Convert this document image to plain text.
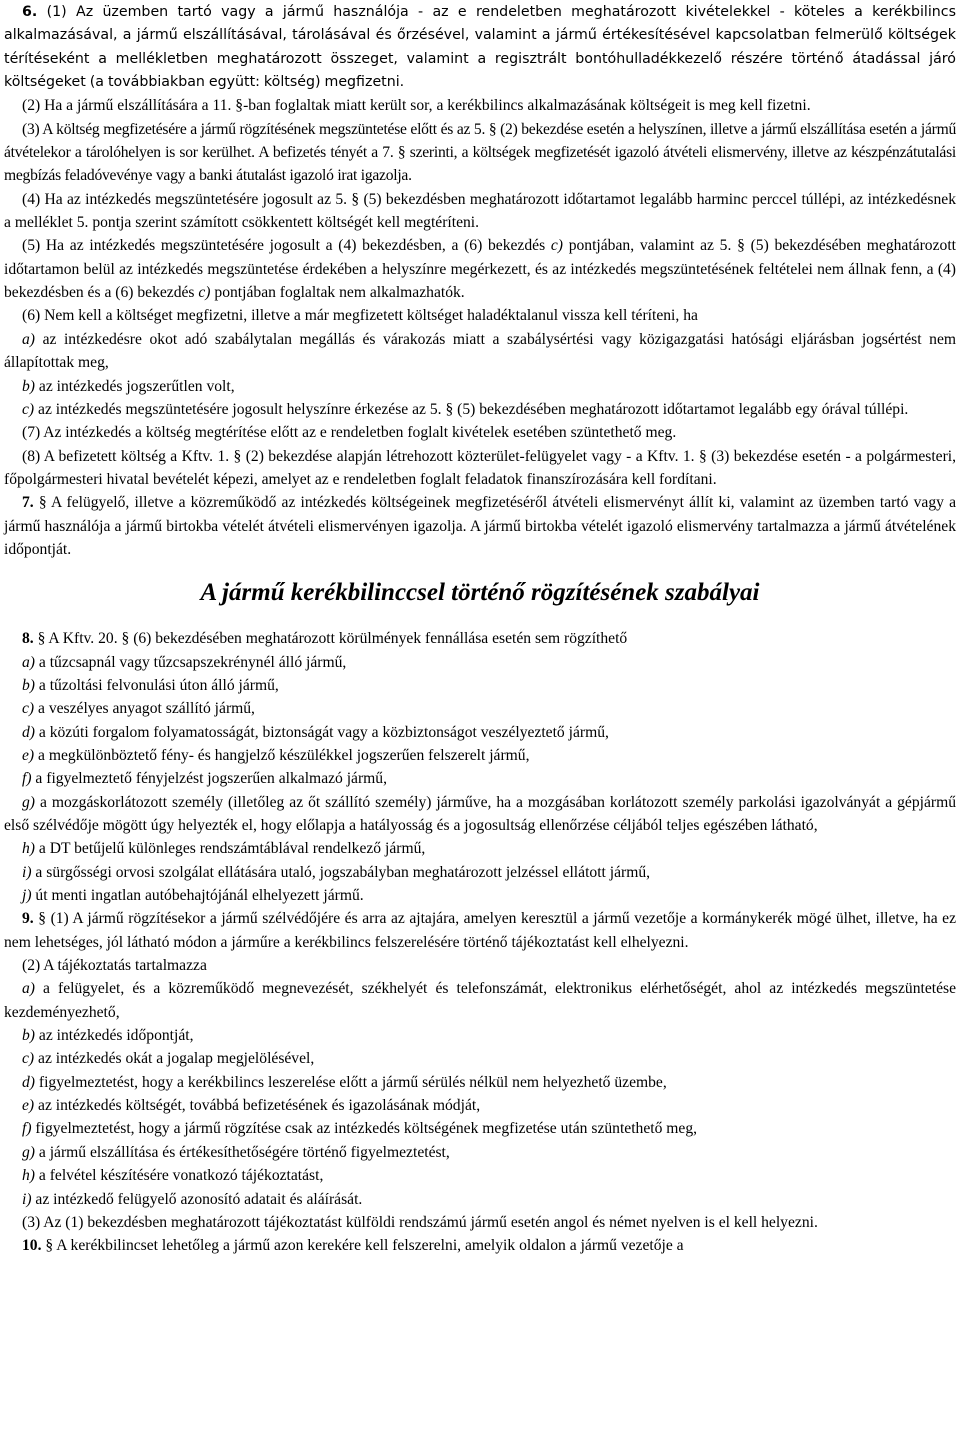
6. (1) Az üzemben tartó vagy a jármű használója - az e rendeletben meghatározott kivételekkel - köteles a kerékbilincs alkalmazásával, a jármű elszállításával, tárolásával és őrzésével, valamint a jármű értékesítésével kapcsolatban felmerülő költségek térítéseként a mellékletben meghatározott összeget, valamint a regisztrált bontóhulladékkezelő részére történő átadással járó költségeket (a továbbiakban együtt: költség) megfizetni.

(2) Ha a jármű elszállítására a 11. §-ban foglaltak miatt került sor, a kerékbilincs alkalmazásának költségeit is meg kell fizetni.

(3) A költség megfizetésére a jármű rögzítésének megszüntetése előtt és az 5. § (2) bekezdése esetén a helyszínen, illetve a jármű elszállítása esetén a jármű átvételekor a tárolóhelyen is sor kerülhet. A befizetés tényét a 7. § szerinti, a költségek megfizetését igazoló átvételi elismervény, illetve az készpénzátutalási megbízás feladóvevénye vagy a banki átutalást igazoló irat igazolja.

(4) Ha az intézkedés megszüntetésére jogosult az 5. § (5) bekezdésben meghatározott időtartamot legalább harminc perccel túllépi, az intézkedésnek a melléklet 5. pontja szerint számított csökkentett költségét kell megtéríteni.

(5) Ha az intézkedés megszüntetésére jogosult a (4) bekezdésben, a (6) bekezdés c) pontjában, valamint az 5. § (5) bekezdésében meghatározott időtartamon belül az intézkedés megszüntetése érdekében a helyszínre megérkezett, és az intézkedés megszüntetésének feltételei nem állnak fenn, a (4) bekezdésben és a (6) bekezdés c) pontjában foglaltak nem alkalmazhatók.

(6) Nem kell a költséget megfizetni, illetve a már megfizetett költséget haladéktalanul vissza kell téríteni, ha

a) az intézkedésre okot adó szabálytalan megállás és várakozás miatt a szabálysértési vagy közigazgatási hatósági eljárásban jogsértést nem állapítottak meg,

b) az intézkedés jogszerűtlen volt,

c) az intézkedés megszüntetésére jogosult helyszínre érkezése az 5. § (5) bekezdésében meghatározott időtartamot legalább egy órával túllépi.

(7) Az intézkedés a költség megtérítése előtt az e rendeletben foglalt kivételek esetében szüntethető meg.

(8) A befizetett költség a Kftv. 1. § (2) bekezdése alapján létrehozott közterület-felügyelet vagy - a Kftv. 1. § (3) bekezdése esetén - a polgármesteri, főpolgármesteri hivatal bevételét képezi, amelyet az e rendeletben foglalt feladatok finanszírozására kell fordítani.

7. § A felügyelő, illetve a közreműködő az intézkedés költségeinek megfizetéséről átvételi elismervényt állít ki, valamint az üzemben tartó vagy a jármű használója a jármű birtokba vételét átvételi elismervényen igazolja. A jármű birtokba vételét igazoló elismervény tartalmazza a jármű átvételének időpontját.

A jármű kerékbilinccsel történő rögzítésének szabályai

8. § A Kftv. 20. § (6) bekezdésében meghatározott körülmények fennállása esetén sem rögzíthető

a) a tűzcsapnál vagy tűzcsapszekrénynél álló jármű,

b) a tűzoltási felvonulási úton álló jármű,

c) a veszélyes anyagot szállító jármű,

d) a közúti forgalom folyamatosságát, biztonságát vagy a közbiztonságot veszélyeztető jármű,

e) a megkülönböztető fény- és hangjelző készülékkel jogszerűen felszerelt jármű,

f) a figyelmeztető fényjelzést jogszerűen alkalmazó jármű,

g) a mozgáskorlátozott személy (illetőleg az őt szállító személy) járműve, ha a mozgásában korlátozott személy parkolási igazolványát a gépjármű első szélvédője mögött úgy helyezték el, hogy előlapja a hatályosság és a jogosultság ellenőrzése céljából teljes egészében látható,

h) a DT betűjelű különleges rendszámtáblával rendelkező jármű,

i) a sürgősségi orvosi szolgálat ellátására utaló, jogszabályban meghatározott jelzéssel ellátott jármű,

j) út menti ingatlan autóbehajtójánál elhelyezett jármű.

9. § (1) A jármű rögzítésekor a jármű szélvédőjére és arra az ajtajára, amelyen keresztül a jármű vezetője a kormánykerék mögé ülhet, illetve, ha ez nem lehetséges, jól látható módon a járműre a kerékbilincs felszerelésére történő tájékoztatást kell elhelyezni.

(2) A tájékoztatás tartalmazza

a) a felügyelet, és a közreműködő megnevezését, székhelyét és telefonszámát, elektronikus elérhetőségét, ahol az intézkedés megszüntetése kezdeményezhető,

b) az intézkedés időpontját,

c) az intézkedés okát a jogalap megjelölésével,

d) figyelmeztetést, hogy a kerékbilincs leszerelése előtt a jármű sérülés nélkül nem helyezhető üzembe,

e) az intézkedés költségét, továbbá befizetésének és igazolásának módját,

f) figyelmeztetést, hogy a jármű rögzítése csak az intézkedés költségének megfizetése után szüntethető meg,

g) a jármű elszállítása és értékesíthetőségére történő figyelmeztetést,

h) a felvétel készítésére vonatkozó tájékoztatást,

i) az intézkedő felügyelő azonosító adatait és aláírását.

(3) Az (1) bekezdésben meghatározott tájékoztatást külföldi rendszámú jármű esetén angol és német nyelven is el kell helyezni.

10. § A kerékbilincset lehetőleg a jármű azon kerekére kell felszerelni, amelyik oldalon a jármű vezetője a
